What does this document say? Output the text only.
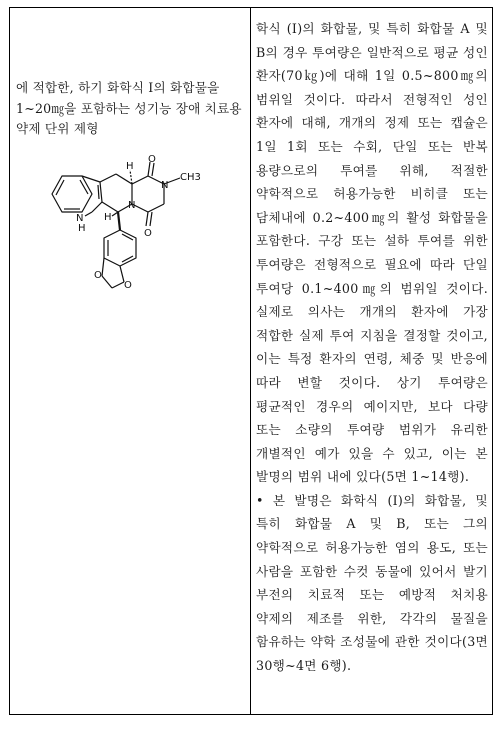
에 적합한, 하기 화학식 I의 화합물을 1~20㎎을 포함하는 성기능 장애 치료용 약제 단위 제형

H
O
N
CH3
N
N
H
H
O
O
O

학식 (I)의 화합물, 및 특히 화합물 A 및 B의 경우 투여량은 일반적으로 평균 성인 환자(70㎏)에 대해 1일 0.5~800㎎의 범위일 것이다. 따라서 전형적인 성인 환자에 대해, 개개의 정제 또는 캡슐은 1일 1회 또는 수회, 단일 또는 반복 용량으로의 투여를 위해, 적절한 약학적으로 허용가능한 비히클 또는 담체내에 0.2~400㎎의 활성 화합물을 포함한다. 구강 또는 설하 투여를 위한 투여량은 전형적으로 필요에 따라 단일 투여당 0.1~400㎎의 범위일 것이다. 실제로 의사는 개개의 환자에 가장 적합한 실제 투여 지침을 결정할 것이고, 이는 특정 환자의 연령, 체중 및 반응에 따라 변할 것이다. 상기 투여량은 평균적인 경우의 예이지만, 보다 다량 또는 소량의 투여량 범위가 유리한 개별적인 예가 있을 수 있고, 이는 본 발명의 범위 내에 있다(5면 1~14행).

• 본 발명은 화학식 (I)의 화합물, 및 특히 화합물 A 및 B, 또는 그의 약학적으로 허용가능한 염의 용도, 또는 사람을 포함한 수컷 동물에 있어서 발기 부전의 치료적 또는 예방적 처치용 약제의 제조를 위한, 각각의 물질을 함유하는 약학 조성물에 관한 것이다(3면 30행~4면 6행).
